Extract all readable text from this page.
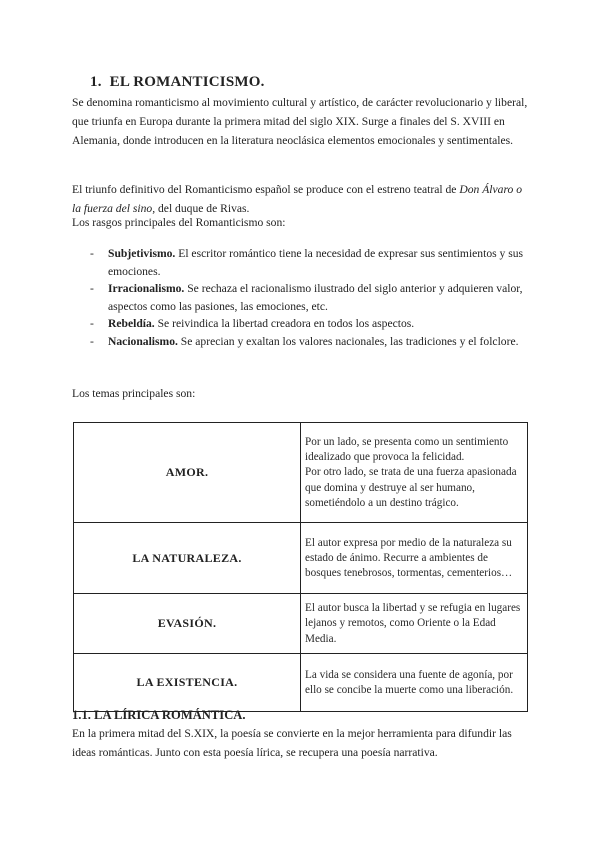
1. EL ROMANTICISMO.
Se denomina romanticismo al movimiento cultural y artístico, de carácter revolucionario y liberal, que triunfa en Europa durante la primera mitad del siglo XIX. Surge a finales del S. XVIII en Alemania, donde introducen en la literatura neoclásica elementos emocionales y sentimentales.
El triunfo definitivo del Romanticismo español se produce con el estreno teatral de Don Álvaro o la fuerza del sino, del duque de Rivas.
Los rasgos principales del Romanticismo son:
- Subjetivismo. El escritor romántico tiene la necesidad de expresar sus sentimientos y sus emociones.
- Irracionalismo. Se rechaza el racionalismo ilustrado del siglo anterior y adquieren valor, aspectos como las pasiones, las emociones, etc.
- Rebeldía. Se reivindica la libertad creadora en todos los aspectos.
- Nacionalismo. Se aprecian y exaltan los valores nacionales, las tradiciones y el folclore.
Los temas principales son:
AMOR.	Por un lado, se presenta como un sentimiento idealizado que provoca la felicidad.
Por otro lado, se trata de una fuerza apasionada que domina y destruye al ser humano, sometiéndolo a un destino trágico.

LA NATURALEZA.	El autor expresa por medio de la naturaleza su estado de ánimo. Recurre a ambientes de bosques tenebrosos, tormentas, cementerios…
EVASIÓN.	El autor busca la libertad y se refugia en lugares lejanos y remotos, como Oriente o la Edad Media.
LA EXISTENCIA.	La vida se considera una fuente de agonía, por ello se concibe la muerte como una liberación.
1.1. LA LÍRICA ROMÁNTICA.
En la primera mitad del S.XIX, la poesía se convierte en la mejor herramienta para difundir las ideas románticas. Junto con esta poesía lírica, se recupera una poesía narrativa.
